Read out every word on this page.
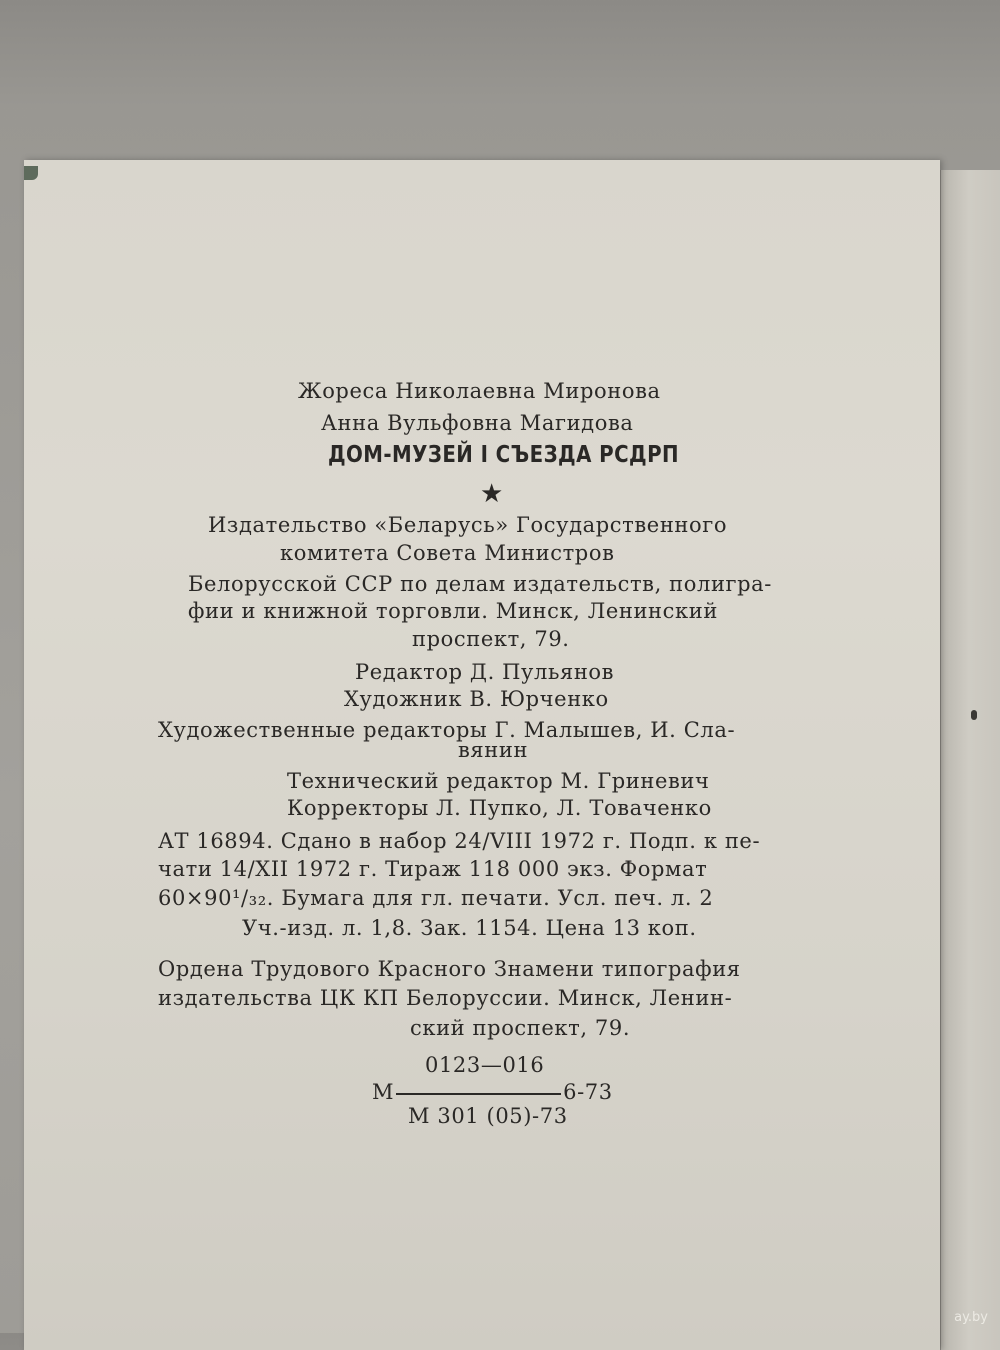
Жореса Николаевна Миронова
Анна Вульфовна Магидова
ДОМ-МУЗЕЙ I СЪЕЗДА РСДРП
★
Издательство «Беларусь» Государственного
комитета Совета Министров
Белорусской ССР по делам издательств, полигра-
фии и книжной торговли. Минск, Ленинский
проспект, 79.
Редактор Д. Пульянов
Художник В. Юрченко
Художественные редакторы Г. Малышев, И. Сла-
вянин
Технический редактор М. Гриневич
Корректоры Л. Пупко, Л. Товаченко
АТ 16894. Сдано в набор 24/VIII 1972 г. Подп. к пе-
чати 14/XII 1972 г. Тираж 118 000 экз. Формат
60×90¹/₃₂. Бумага для гл. печати. Усл. печ. л. 2
Уч.-изд. л. 1,8. Зак. 1154. Цена 13 коп.
Ордена Трудового Красного Знамени типография
издательства ЦК КП Белоруссии. Минск, Ленин-
ский проспект, 79.
0123—016
М	6-73
М 301 (05)-73
ay.by
